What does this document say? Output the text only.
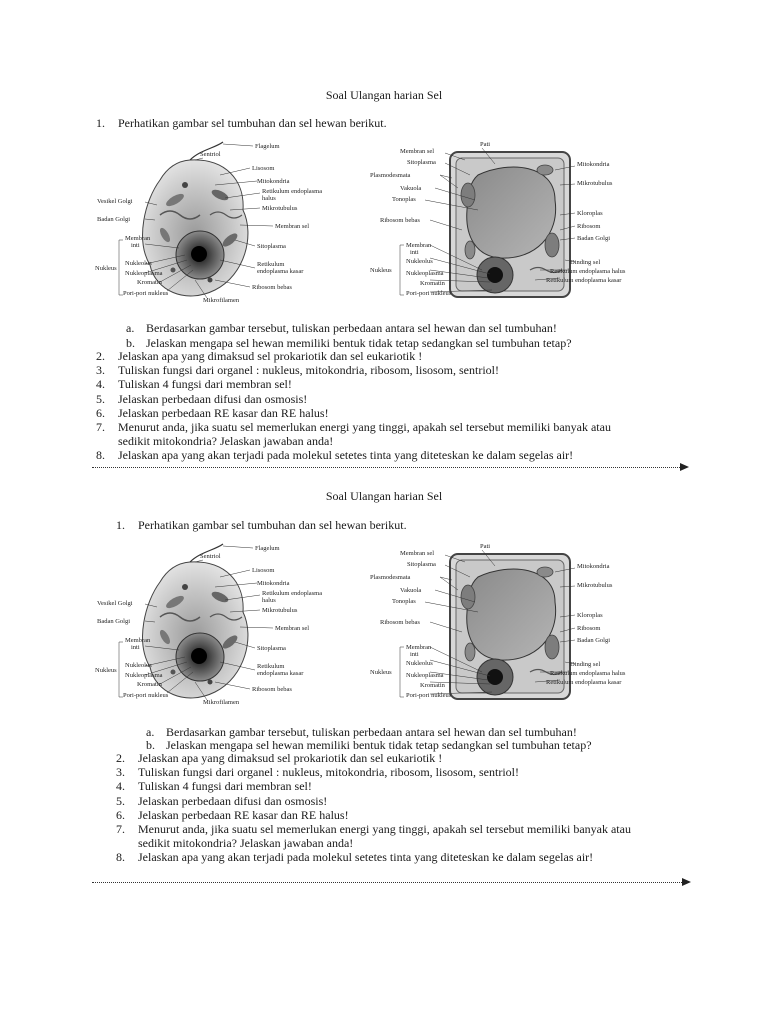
Soal Ulangan harian Sel
1. Perhatikan gambar sel tumbuhan dan sel hewan berikut.
Flagelum
Sentriol
Lisosom
Mitokondria
Retikulum endoplasma
halus
Mikrotubulus
Membran sel
Sitoplasma
Retikulum
endoplasma kasar
Ribosom bebas
Mikrofilamen
Vesikel Golgi
Badan Golgi
Membran
inti
Nukleolus
Nukleus
Nukleoplasma
Kromatin
Pori-pori nukleus
Pati
Membran sel
Sitoplasma
Plasmodesmata
Vakuola
Tonoplas
Ribosom bebas
Mitokondria
Mikrotubulus
Kloroplas
Ribosom
Badan Golgi
Dinding sel
Retikulum endoplasma halus
Retikulum endoplasma kasar
Membran
inti
Nukleolus
Nukleus Nukleoplasma
Kromatin
Pori-pori nukleus
a. Berdasarkan gambar tersebut, tuliskan perbedaan antara sel hewan dan sel tumbuhan!
b. Jelaskan mengapa sel hewan memiliki bentuk tidak tetap sedangkan sel tumbuhan tetap?
2. Jelaskan apa yang dimaksud sel prokariotik dan sel eukariotik !
3. Tuliskan fungsi dari organel : nukleus, mitokondria, ribosom, lisosom, sentriol!
4. Tuliskan 4 fungsi dari membran sel!
5. Jelaskan perbedaan difusi dan osmosis!
6. Jelaskan perbedaan RE kasar dan RE halus!
7. Menurut anda, jika suatu sel memerlukan energi yang tinggi, apakah sel tersebut memiliki banyak atau
sedikit mitokondria? Jelaskan jawaban anda!
8. Jelaskan apa yang akan terjadi pada molekul setetes tinta yang diteteskan ke dalam segelas air!
Soal Ulangan harian Sel
1. Perhatikan gambar sel tumbuhan dan sel hewan berikut.
Flagelum
Sentriol
Lisosom
Mitokondria
Retikulum endoplasma
halus
Mikrotubulus
Membran sel
Sitoplasma
Retikulum
endoplasma kasar
Ribosom bebas
Mikrofilamen
Vesikel Golgi
Badan Golgi
Membran
inti
Nukleolus
Nukleus
Nukleoplasma
Kromatin
Pori-pori nukleus
Pati
Membran sel
Sitoplasma
Plasmodesmata
Vakuola
Tonoplas
Ribosom bebas
Mitokondria
Mikrotubulus
Kloroplas
Ribosom
Badan Golgi
Dinding sel
Retikulum endoplasma halus
Retikulum endoplasma kasar
Membran
inti
Nukleolus
Nukleus Nukleoplasma
Kromatin
Pori-pori nukleus
a. Berdasarkan gambar tersebut, tuliskan perbedaan antara sel hewan dan sel tumbuhan!
b. Jelaskan mengapa sel hewan memiliki bentuk tidak tetap sedangkan sel tumbuhan tetap?
2. Jelaskan apa yang dimaksud sel prokariotik dan sel eukariotik !
3. Tuliskan fungsi dari organel : nukleus, mitokondria, ribosom, lisosom, sentriol!
4. Tuliskan 4 fungsi dari membran sel!
5. Jelaskan perbedaan difusi dan osmosis!
6. Jelaskan perbedaan RE kasar dan RE halus!
7. Menurut anda, jika suatu sel memerlukan energi yang tinggi, apakah sel tersebut memiliki banyak atau
sedikit mitokondria? Jelaskan jawaban anda!
8. Jelaskan apa yang akan terjadi pada molekul setetes tinta yang diteteskan ke dalam segelas air!
